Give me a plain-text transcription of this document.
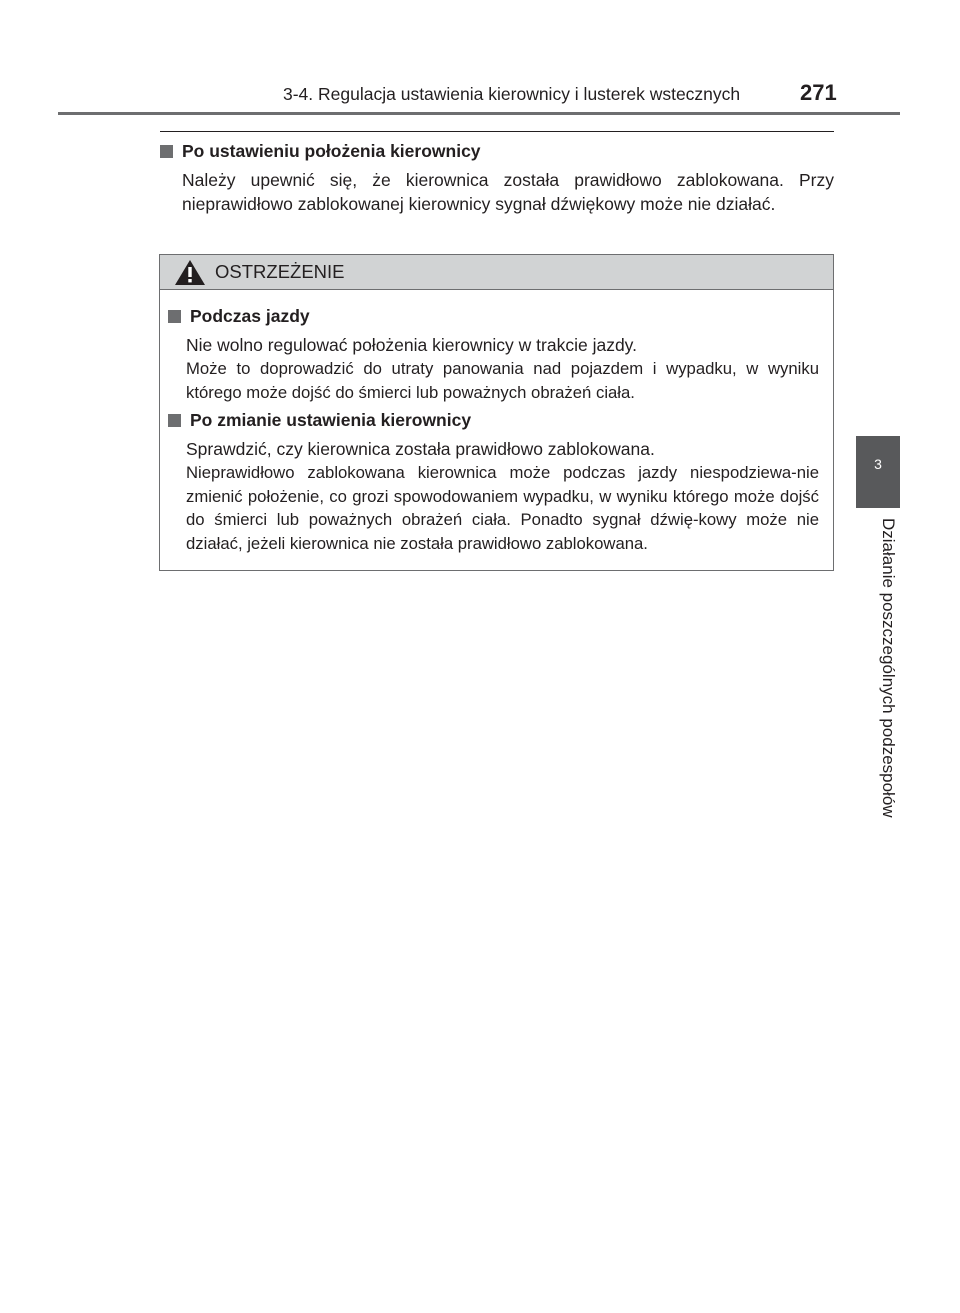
3-4. Regulacja ustawienia kierownicy i lusterek wstecznych	271
3
Działanie poszczególnych podzespołów
Po ustawieniu położenia kierownicy
Należy upewnić się, że kierownica została prawidłowo zablokowana. Przy nieprawidłowo zablokowanej kierownicy sygnał dźwiękowy może nie działać.
OSTRZEŻENIE
Podczas jazdy
Nie wolno regulować położenia kierownicy w trakcie jazdy.
Może to doprowadzić do utraty panowania nad pojazdem i wypadku, w wyniku którego może dojść do śmierci lub poważnych obrażeń ciała.
Po zmianie ustawienia kierownicy
Sprawdzić, czy kierownica została prawidłowo zablokowana.
Nieprawidłowo zablokowana kierownica może podczas jazdy niespodziewa-nie zmienić położenie, co grozi spowodowaniem wypadku, w wyniku którego może dojść do śmierci lub poważnych obrażeń ciała. Ponadto sygnał dźwię-kowy może nie działać, jeżeli kierownica nie została prawidłowo zablokowana.
